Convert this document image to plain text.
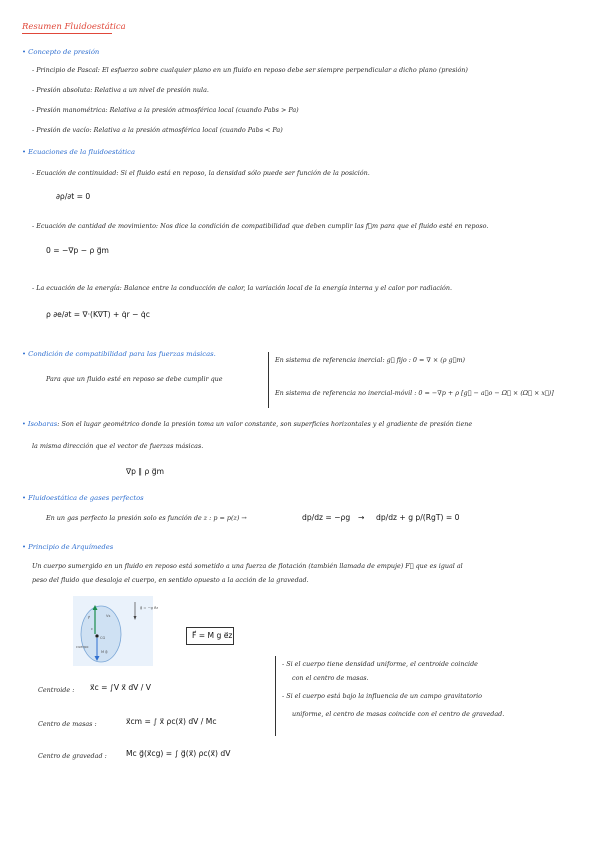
Resumen Fluidoestática
• Concepto de presión
- Principio de Pascal: El esfuerzo sobre cualquier plano en un fluido en reposo debe ser siempre perpendicular a dicho plano (presión)
- Presión absoluta: Relativa a un nivel de presión nula.
- Presión manométrica: Relativa a la presión atmosférica local (cuando Pabs > Pa)
- Presión de vacío: Relativa a la presión atmosférica local (cuando Pabs < Pa)
• Ecuaciones de la fluidoestática
- Ecuación de continuidad: Si el fluido está en reposo, la densidad sólo puede ser función de la posición.
∂ρ/∂t = 0
- Ecuación de cantidad de movimiento: Nos dice la condición de compatibilidad que deben cumplir las f⃗m para que el fluido esté en reposo.
0 = −∇p − ρ g⃗m
- La ecuación de la energía: Balance entre la conducción de calor, la variación local de la energía interna y el calor por radiación.
ρ ∂e/∂t = ∇·(K∇T) + q̇r − q̇c
• Condición de compatibilidad para las fuerzas másicas.
Para que un fluido esté en reposo se debe cumplir que
En sistema de referencia inercial: g⃗ fijo : 0 = ∇ × (ρ g⃗m)
En sistema de referencia no inercial-móvil : 0 = −∇p + ρ [g⃗ − a⃗o − Ω⃗ × (Ω⃗ × x⃗)]
• Isobaras: Son el lugar geométrico donde la presión toma un valor constante, son superficies horizontales y el gradiente de presión tiene
la misma dirección que el vector de fuerzas másicas.
∇p ∥ ρ g⃗m
• Fluidoestática de gases perfectos
En un gas perfecto la presión solo es función de z : p = p(z) →	dp/dz = −ρg → dp/dz + g p/(RgT) = 0
• Principio de Arquímedes
Un cuerpo sumergido en un fluido en reposo está sometido a una fuerza de flotación (también llamada de empuje) F⃗ que es igual al
peso del fluido que desaloja el cuerpo, en sentido opuesto a la acción de la gravedad.
g⃗ = −g e⃗z
Vs
F⃗
c
CG
M g⃗
cuerpo
F⃗ = M g e⃗z
Centroide : x⃗c = ∫V x⃗ dV / V
Centro de masas :	x⃗cm = ∫ x⃗ ρc(x⃗) dV / Mc
Centro de gravedad :	Mc g⃗(x⃗cg) = ∫ g⃗(x⃗) ρc(x⃗) dV
- Si el cuerpo tiene densidad uniforme, el centroide coincide
con el centro de masas.
- Si el cuerpo está bajo la influencia de un campo gravitatorio
uniforme, el centro de masas coincide con el centro de gravedad.
